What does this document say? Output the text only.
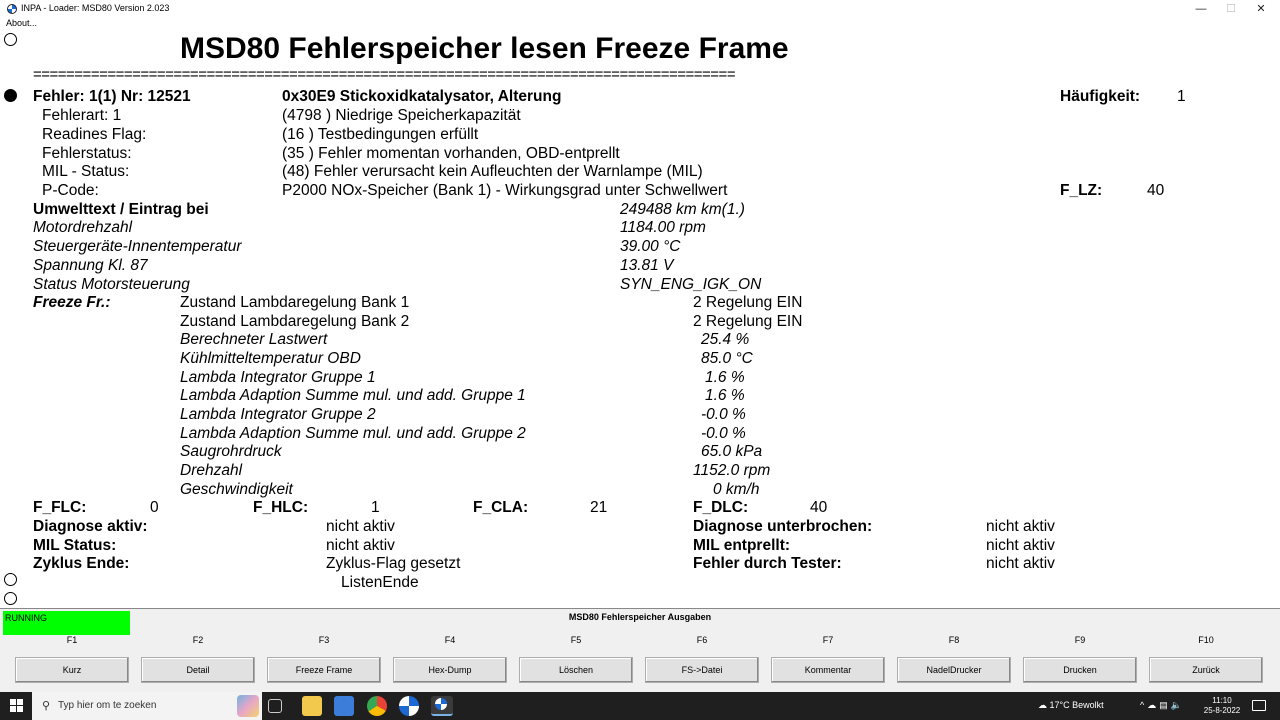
INPA - Loader: MSD80 Version 2.023	—	☐	✕
About...
MSD80 Fehlerspeicher lesen Freeze Frame
=====================================================================================
Fehler: 1(1) Nr: 12521	0x30E9 Stickoxidkatalysator, Alterung	Häufigkeit: 1
Fehlerart: 1	(4798 ) Niedrige Speicherkapazität
Readines Flag:	(16 ) Testbedingungen erfüllt
Fehlerstatus:	(35 ) Fehler momentan vorhanden, OBD-entprellt
MIL - Status:	(48) Fehler verursacht kein Aufleuchten der Warnlampe (MIL)
P-Code:	P2000 NOx-Speicher (Bank 1) - Wirkungsgrad unter Schwellwert	F_LZ:	40
Umwelttext / Eintrag bei	249488 km km(1.)
Motordrehzahl	1184.00 rpm
Steuergeräte-Innentemperatur	39.00 °C
Spannung Kl. 87	13.81 V
Status Motorsteuerung	SYN_ENG_IGK_ON
Freeze Fr.:	Zustand Lambdaregelung Bank 1	2 Regelung EIN
Zustand Lambdaregelung Bank 2	2 Regelung EIN
Berechneter Lastwert	25.4 %
Kühlmitteltemperatur OBD	85.0 °C
Lambda Integrator Gruppe 1	1.6 %
Lambda Adaption Summe mul. und add. Gruppe 1	1.6 %
Lambda Integrator Gruppe 2	-0.0 %
Lambda Adaption Summe mul. und add. Gruppe 2	-0.0 %
Saugrohrdruck	65.0 kPa
Drehzahl	1152.0 rpm
Geschwindigkeit	0 km/h
F_FLC:	0	F_HLC:	1	F_CLA:	21	F_DLC:	40
Diagnose aktiv:	nicht aktiv	Diagnose unterbrochen:	nicht aktiv
MIL Status:	nicht aktiv	MIL entprellt:	nicht aktiv
Zyklus Ende:	Zyklus-Flag gesetzt	Fehler durch Tester:	nicht aktiv
ListenEnde
RUNNING	MSD80 Fehlerspeicher Ausgaben
F1	F2	F3	F4	F5	F6	F7	F8	F9	F10
Kurz	Detail	Freeze Frame	Hex-Dump	Löschen	FS->Datei	Kommentar	NadelDrucker	Drucken	Zurück
⚲ Typ hier om te zoeken	☁ 17°C Bewolkt	^☁▤🔈	11:10
25-8-2022
